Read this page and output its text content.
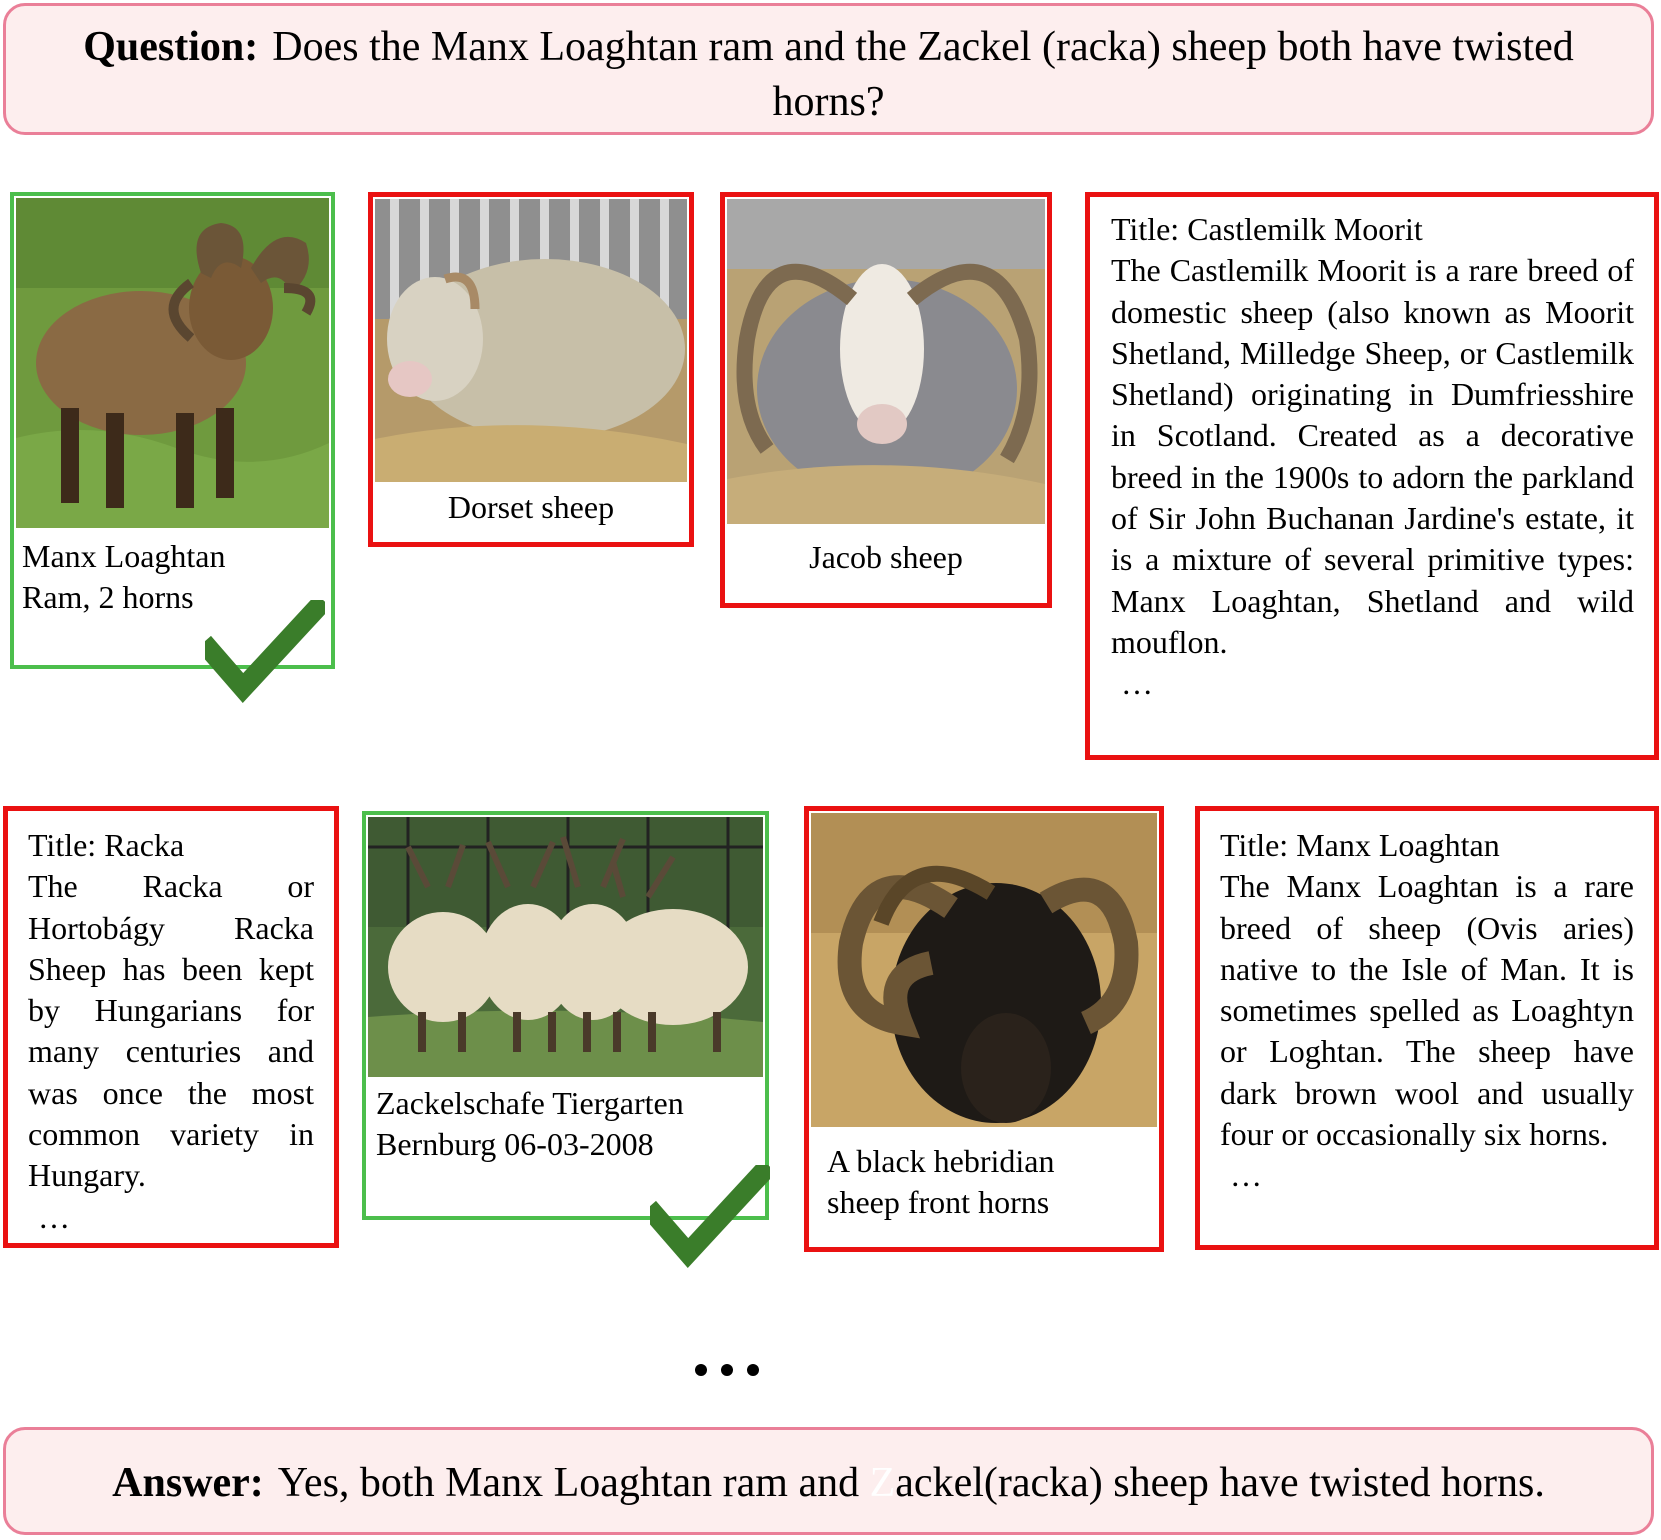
Question: Does the Manx Loaghtan ram and the Zackel (racka) sheep both have twisted horns?
Manx Loaghtan
Ram, 2 horns
Dorset sheep
Jacob sheep
Title: Castlemilk Moorit
The Castlemilk Moorit is a rare breed of domestic sheep (also known as Moorit Shetland, Milledge Sheep, or Castlemilk Shetland) originating in Dumfriesshire in Scotland. Created as a decorative breed in the 1900s to adorn the parkland of Sir John Buchanan Jardine's estate, it is a mixture of several primitive types: Manx Loaghtan, Shetland and wild mouflon.
…
Title: Racka
The Racka or Hortobágy Racka Sheep has been kept by Hungarians for many centuries and was once the most common variety in Hungary.
…
Zackelschafe Tiergarten
Bernburg 06-03-2008	A black hebridian
sheep front horns
Title: Manx Loaghtan
The Manx Loaghtan is a rare breed of sheep (Ovis aries) native to the Isle of Man. It is sometimes spelled as Loaghtyn or Loghtan. The sheep have dark brown wool and usually four or occasionally six horns.
…
Answer: Yes, both Manx Loaghtan ram and Zackel(racka) sheep have twisted horns.
